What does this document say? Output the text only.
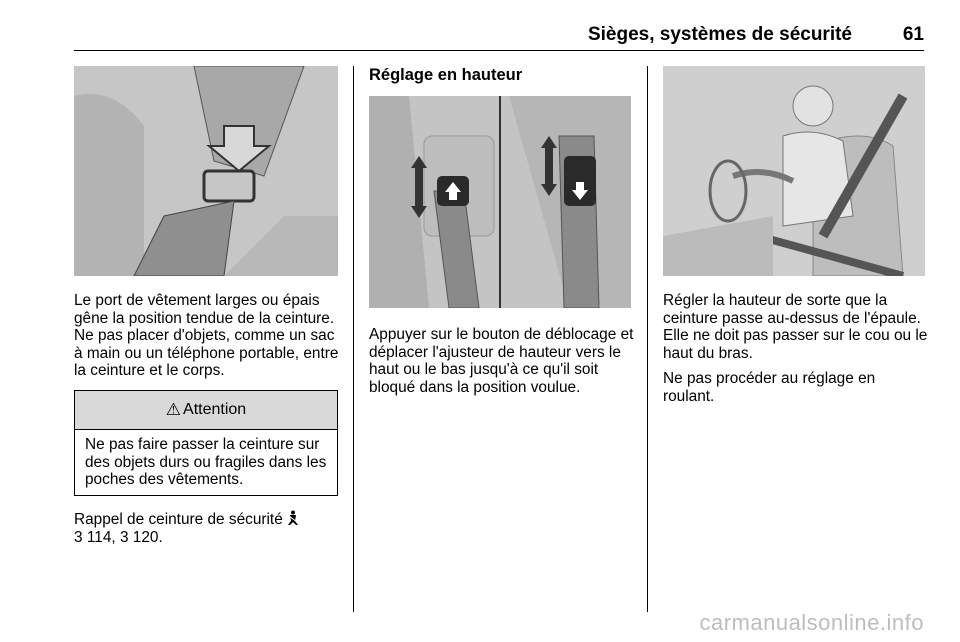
Sièges, systèmes de sécurité	61
Le port de vêtement larges ou épais gêne la position tendue de la ceinture. Ne pas placer d'objets, comme un sac à main ou un téléphone portable, entre la ceinture et le corps.
⚠ Attention
Ne pas faire passer la ceinture sur des objets durs ou fragiles dans les poches des vêtements.
Rappel de ceinture de sécurité
3 114, 3 120.
Réglage en hauteur
Appuyer sur le bouton de déblocage et déplacer l'ajusteur de hauteur vers le haut ou le bas jusqu'à ce qu'il soit bloqué dans la position voulue.
Régler la hauteur de sorte que la ceinture passe au-dessus de l'épaule. Elle ne doit pas passer sur le cou ou le haut du bras.
Ne pas procéder au réglage en roulant.
carmanualsonline.info
